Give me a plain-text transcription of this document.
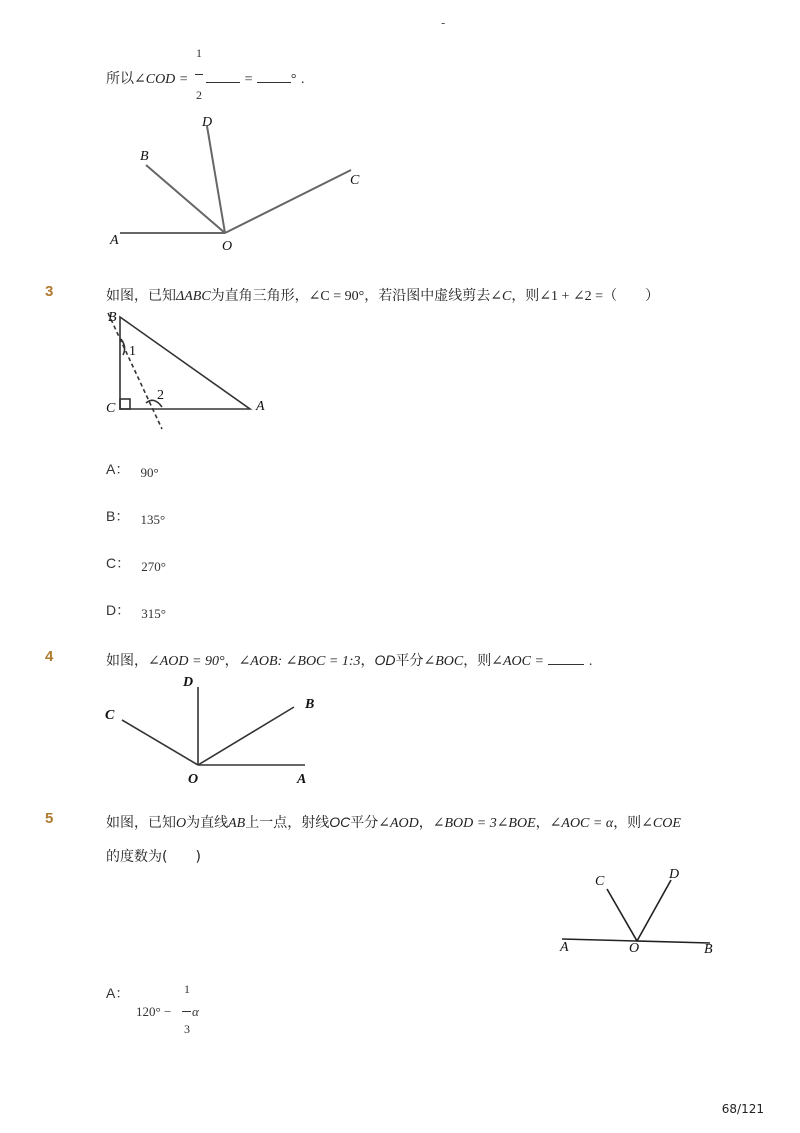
-
1
2
所以∠COD =	=	° .
D
B
C
A	O
3	如图，已知ΔABC为直角三角形，∠C = 90°，若沿图中虚线剪去∠C，则∠1 + ∠2 =（　　）
B
1
C
2
A
A： 90°
B： 135°
C： 270°
D： 315°
4	如图，∠AOD = 90°，∠AOB: ∠BOC = 1:3，OD平分∠BOC，则∠AOC =	.
D
B
C
O	A
5	如图，已知O为直线AB上一点，射线OC平分∠AOD，∠BOD = 3∠BOE，∠AOC = α，则∠COE
的度数为(　　)
C	D
A	O	B
A：	1
3
120° − α
68/121
